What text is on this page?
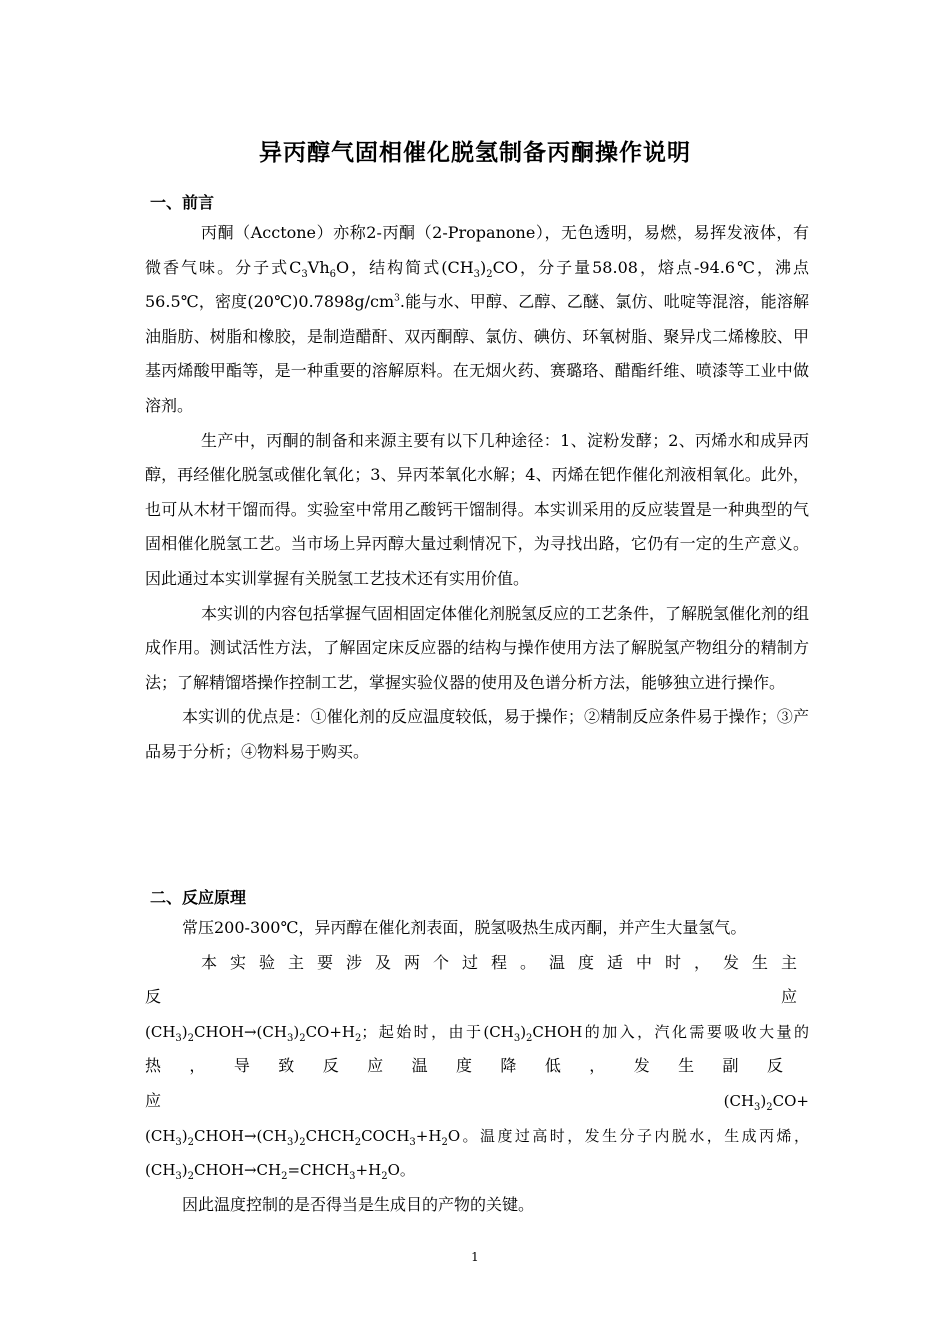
异丙醇气固相催化脱氢制备丙酮操作说明
一、前言

丙酮（Acctone）亦称2-丙酮（2-Propanone），无色透明，易燃，易挥发液体，有微香气味。分子式$C_3Vh_6O$，结构简式$(CH_3)_2CO$，分子量58.08，熔点-94.6℃，沸点56.5℃，密度$(20℃)0.7898g/cm^3$.能与水、甲醇、乙醇、乙醚、氯仿、吡啶等混溶，能溶解油脂肪、树脂和橡胶，是制造醋酐、双丙酮醇、氯仿、碘仿、环氧树脂、聚异戊二烯橡胶、甲基丙烯酸甲酯等，是一种重要的溶解原料。在无烟火药、赛璐珞、醋酯纤维、喷漆等工业中做溶剂。

生产中，丙酮的制备和来源主要有以下几种途径：1、淀粉发酵；2、丙烯水和成异丙醇，再经催化脱氢或催化氧化；3、异丙苯氧化水解；4、丙烯在钯作催化剂液相氧化。此外，也可从木材干馏而得。实验室中常用乙酸钙干馏制得。本实训采用的反应装置是一种典型的气固相催化脱氢工艺。当市场上异丙醇大量过剩情况下，为寻找出路，它仍有一定的生产意义。因此通过本实训掌握有关脱氢工艺技术还有实用价值。

本实训的内容包括掌握气固相固定体催化剂脱氢反应的工艺条件，了解脱氢催化剂的组成作用。测试活性方法，了解固定床反应器的结构与操作使用方法了解脱氢产物组分的精制方法；了解精馏塔操作控制工艺，掌握实验仪器的使用及色谱分析方法，能够独立进行操作。

本实训的优点是：①催化剂的反应温度较低，易于操作；②精制反应条件易于操作；③产品易于分析；④物料易于购买。

二、反应原理

常压200-300℃，异丙醇在催化剂表面，脱氢吸热生成丙酮，并产生大量氢气。

本实验主要涉及两个过程。温度适中时，发生主反应

$(CH_3)_2CHOH\to(CH_3)_2CO+H_2$；起始时，由于$(CH_3)_2CHOH$的加入，汽化需要吸收大量的

热，导致反应温度降低，发生副反应$(CH_3)_2CO+$

$(CH_3)_2CHOH\to(CH_3)_2CHCH_2COCH_3+H_2O$。温度过高时，发生分子内脱水，生成丙烯，

$(CH_3)_2CHOH\to CH_2=CHCH_3+H_2O$。

因此温度控制的是否得当是生成目的产物的关键。

1
